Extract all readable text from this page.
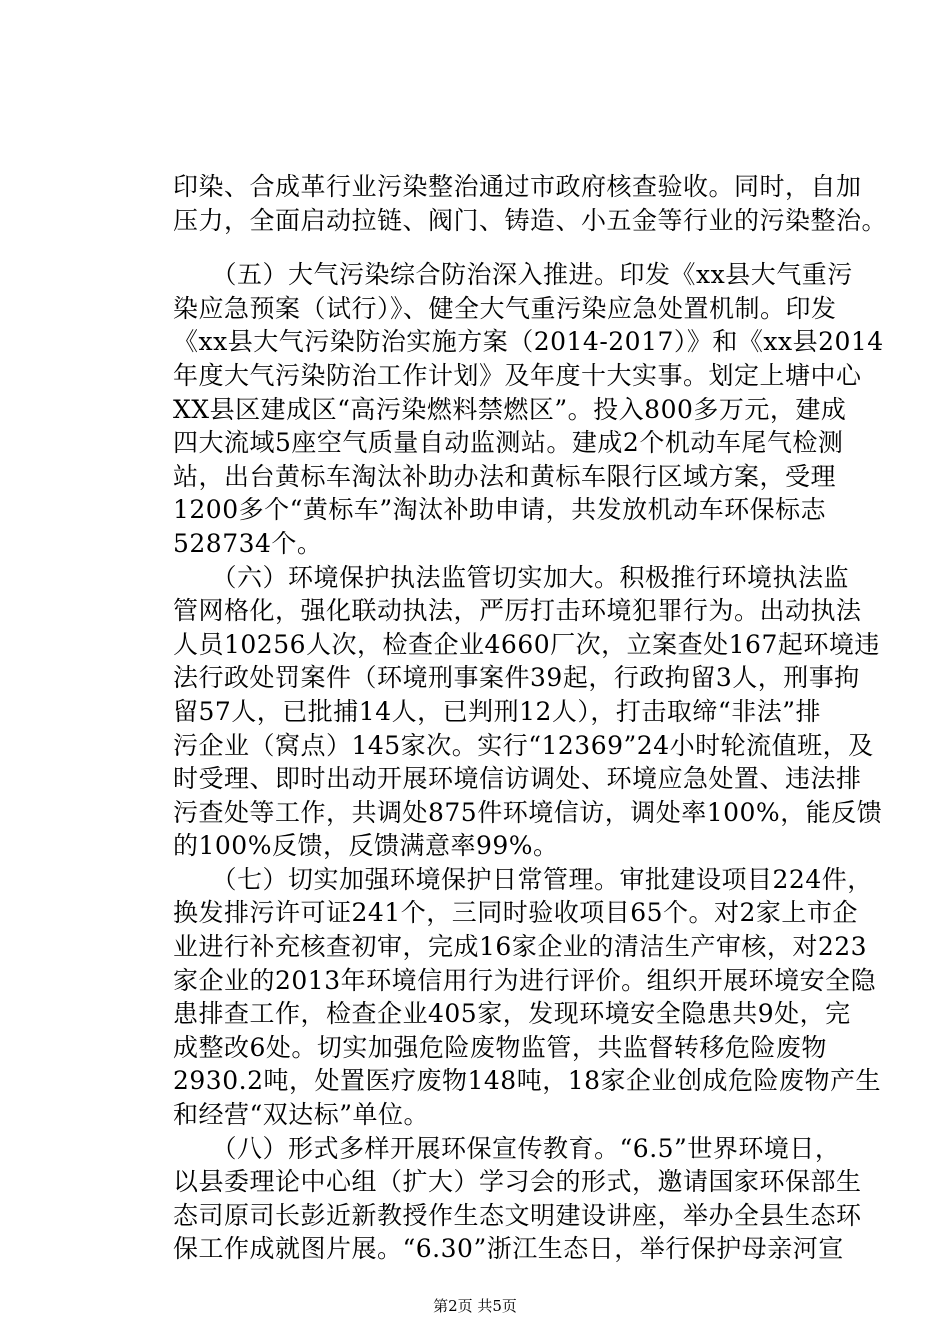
印染、合成革行业污染整治通过市政府核查验收。同时，自加
压力，全面启动拉链、阀门、铸造、小五金等行业的污染整治。
　　（五）大气污染综合防治深入推进。印发《xx县大气重污
染应急预案（试行）》、健全大气重污染应急处置机制。印发
《xx县大气污染防治实施方案（2014-2017）》和《xx县2014
年度大气污染防治工作计划》及年度十大实事。划定上塘中心
XX县区建成区“高污染燃料禁燃区”。投入800多万元，建成
四大流域5座空气质量自动监测站。建成2个机动车尾气检测
站，出台黄标车淘汰补助办法和黄标车限行区域方案，受理
1200多个“黄标车”淘汰补助申请，共发放机动车环保标志
528734个。
　　（六）环境保护执法监管切实加大。积极推行环境执法监
管网格化，强化联动执法，严厉打击环境犯罪行为。出动执法
人员10256人次，检查企业4660厂次，立案查处167起环境违
法行政处罚案件（环境刑事案件39起，行政拘留3人，刑事拘
留57人，已批捕14人，已判刑12人），打击取缔“非法”排
污企业（窝点）145家次。实行“12369”24小时轮流值班，及
时受理、即时出动开展环境信访调处、环境应急处置、违法排
污查处等工作，共调处875件环境信访，调处率100%，能反馈
的100%反馈，反馈满意率99%。
　　（七）切实加强环境保护日常管理。审批建设项目224件，
换发排污许可证241个，三同时验收项目65个。对2家上市企
业进行补充核查初审，完成16家企业的清洁生产审核，对223
家企业的2013年环境信用行为进行评价。组织开展环境安全隐
患排查工作，检查企业405家，发现环境安全隐患共9处，完
成整改6处。切实加强危险废物监管，共监督转移危险废物
2930.2吨，处置医疗废物148吨，18家企业创成危险废物产生
和经营“双达标”单位。
　　（八）形式多样开展环保宣传教育。“6.5”世界环境日，
以县委理论中心组（扩大）学习会的形式，邀请国家环保部生
态司原司长彭近新教授作生态文明建设讲座，举办全县生态环
保工作成就图片展。“6.30”浙江生态日，举行保护母亲河宣
第2页 共5页
